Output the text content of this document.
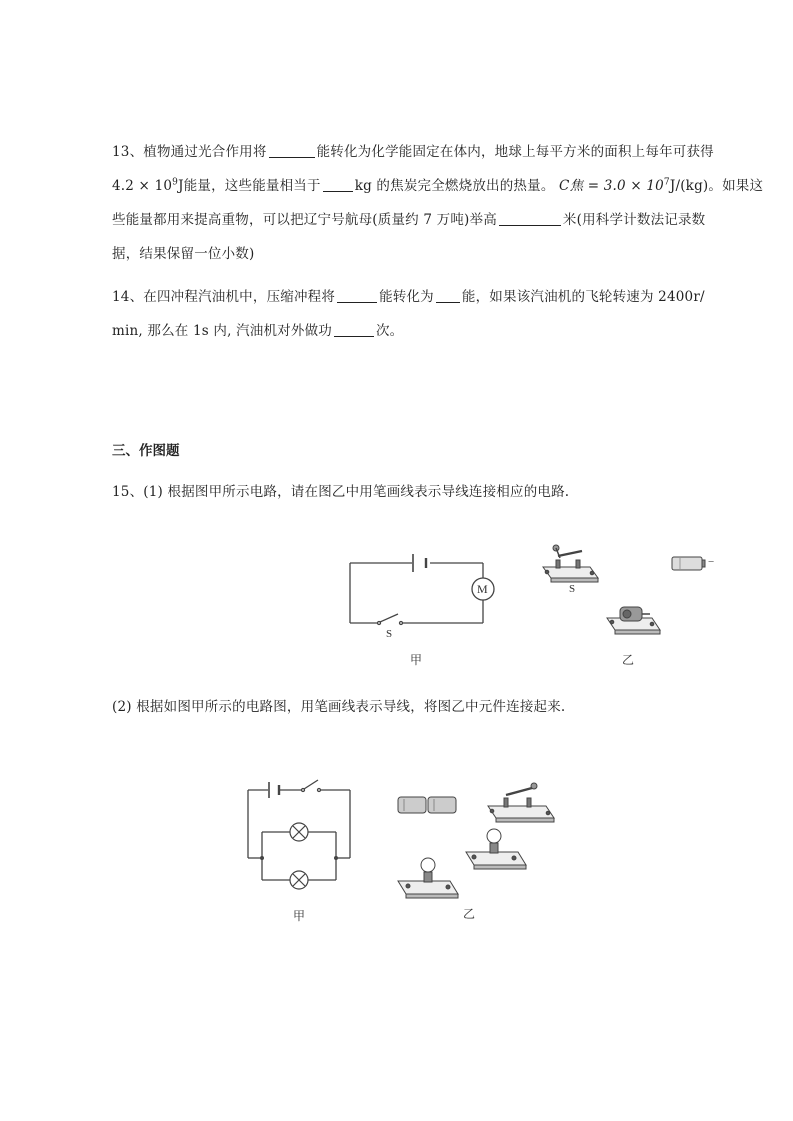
13、植物通过光合作用将	能转化为化学能固定在体内，地球上每平方米的面积上每年可获得
$4.2 \times 10^9J$能量，这些能量相当于	kg 的焦炭完全燃烧放出的热量。 C焦 = $3.0 \times 10^7J/(kg)$。如果这
些能量都用来提高重物，可以把辽宁号航母(质量约 7 万吨)举高	米(用科学计数法记录数
据，结果保留一位小数)
14、在四冲程汽油机中，压缩冲程将	能转化为 能，如果该汽油机的飞轮转速为 2400r/
min, 那么在 1s 内, 汽油机对外做功	次。
三、作图题
15、(1) 根据图甲所示电路，请在图乙中用笔画线表示导线连接相应的电路.
M
S
甲
S
−
乙
(2) 根据如图甲所示的电路图，用笔画线表示导线，将图乙中元件连接起来.
甲	乙
